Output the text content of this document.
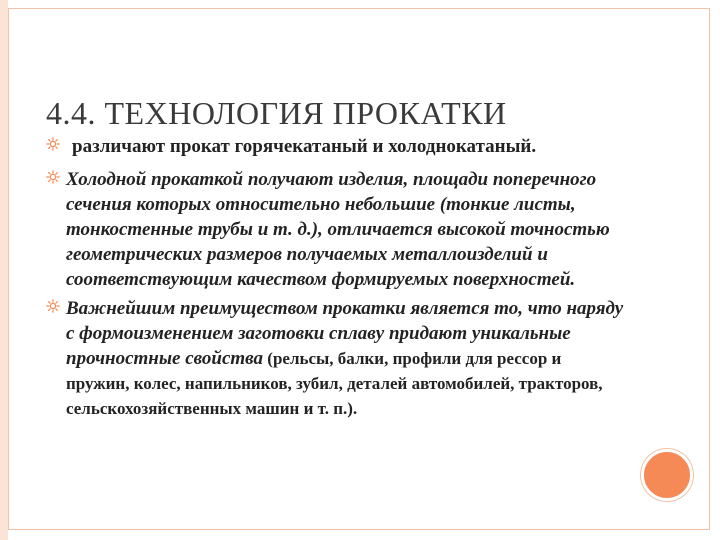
4.4. ТЕХНОЛОГИЯ ПРОКАТКИ
различают прокат горячекатаный и холоднокатаный.
Холодной прокаткой получают изделия, площади поперечного сечения которых относительно небольшие (тонкие листы, тонкостенные трубы и т. д.), отличается высокой точностью геометрических размеров получаемых металлоизделий и соответствующим качеством формируемых поверхностей.
Важнейшим преимуществом прокатки является то, что наряду с формоизменением заготовки сплаву придают уникальные прочностные свойства (рельсы, балки, профили для рессор и пружин, колес, напильников, зубил, деталей автомобилей, тракторов, сельскохозяйственных машин и т. п.).
